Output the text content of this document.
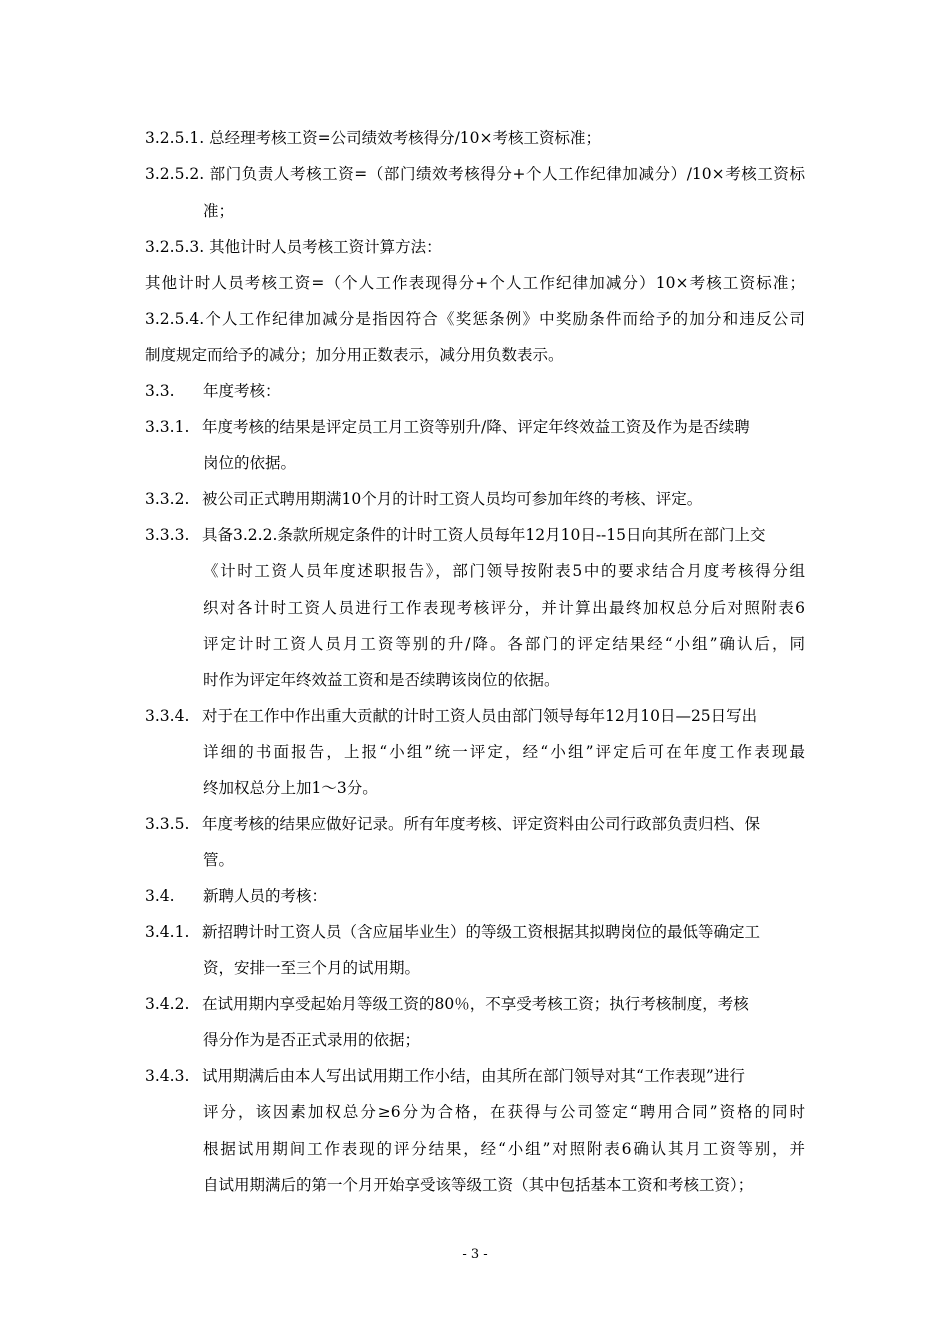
3.2.5.1. 总经理考核工资=公司绩效考核得分/10×考核工资标准；
3.2.5.2. 部门负责人考核工资=（部门绩效考核得分+个人工作纪律加减分）/10×考核工资标
准；
3.2.5.3. 其他计时人员考核工资计算方法：
其他计时人员考核工资=（个人工作表现得分+个人工作纪律加减分）10×考核工资标准；
3.2.5.4.个人工作纪律加减分是指因符合《奖惩条例》中奖励条件而给予的加分和违反公司
制度规定而给予的减分；加分用正数表示，减分用负数表示。
3.3. 年度考核：
3.3.1. 年度考核的结果是评定员工月工资等别升/降、评定年终效益工资及作为是否续聘
岗位的依据。
3.3.2. 被公司正式聘用期满10个月的计时工资人员均可参加年终的考核、评定。
3.3.3. 具备3.2.2.条款所规定条件的计时工资人员每年12月10日--15日向其所在部门上交
《计时工资人员年度述职报告》，部门领导按附表5中的要求结合月度考核得分组
织对各计时工资人员进行工作表现考核评分，并计算出最终加权总分后对照附表6
评定计时工资人员月工资等别的升/降。各部门的评定结果经“小组”确认后，同
时作为评定年终效益工资和是否续聘该岗位的依据。
3.3.4. 对于在工作中作出重大贡献的计时工资人员由部门领导每年12月10日—25日写出
详细的书面报告，上报“小组”统一评定，经“小组”评定后可在年度工作表现最
终加权总分上加1～3分。
3.3.5. 年度考核的结果应做好记录。所有年度考核、评定资料由公司行政部负责归档、保
管。
3.4. 新聘人员的考核：
3.4.1. 新招聘计时工资人员（含应届毕业生）的等级工资根据其拟聘岗位的最低等确定工
资，安排一至三个月的试用期。
3.4.2. 在试用期内享受起始月等级工资的80％，不享受考核工资；执行考核制度，考核
得分作为是否正式录用的依据；
3.4.3. 试用期满后由本人写出试用期工作小结，由其所在部门领导对其“工作表现”进行
评分，该因素加权总分≥6分为合格，在获得与公司签定“聘用合同”资格的同时
根据试用期间工作表现的评分结果，经“小组”对照附表6确认其月工资等别，并
自试用期满后的第一个月开始享受该等级工资（其中包括基本工资和考核工资）；
- 3 -
